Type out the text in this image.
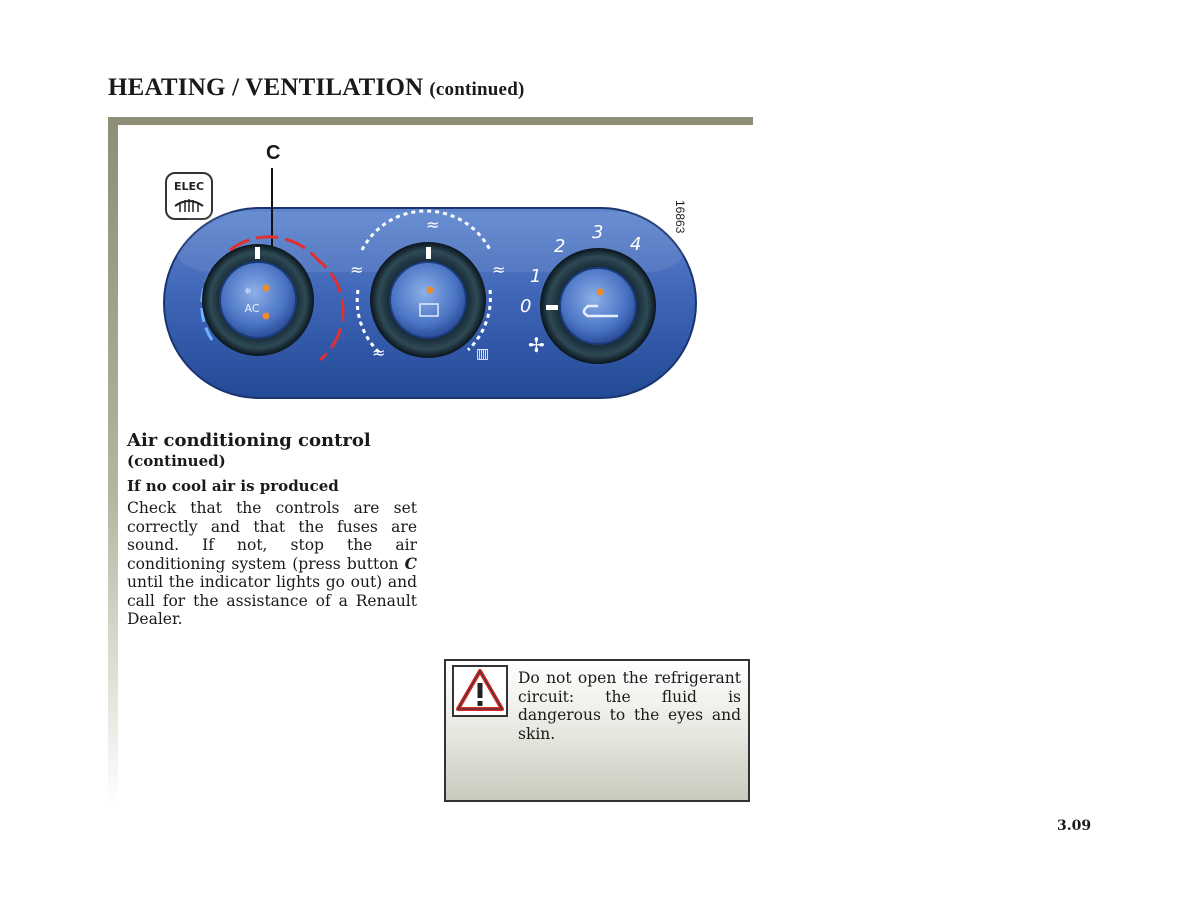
HEATING / VENTILATION (continued)
C
16863
ELEC
AC
❄
≈
≈
≈
≈
▥
0
1
2
3
4
✢
Air conditioning control
(continued)
If no cool air is produced
Check that the controls are set correctly and that the fuses are sound. If not, stop the air conditioning system (press button C until the indicator lights go out) and call for the assistance of a Renault Dealer.
Do not open the refrigerant circuit: the fluid is dangerous to the eyes and skin.
3.09
